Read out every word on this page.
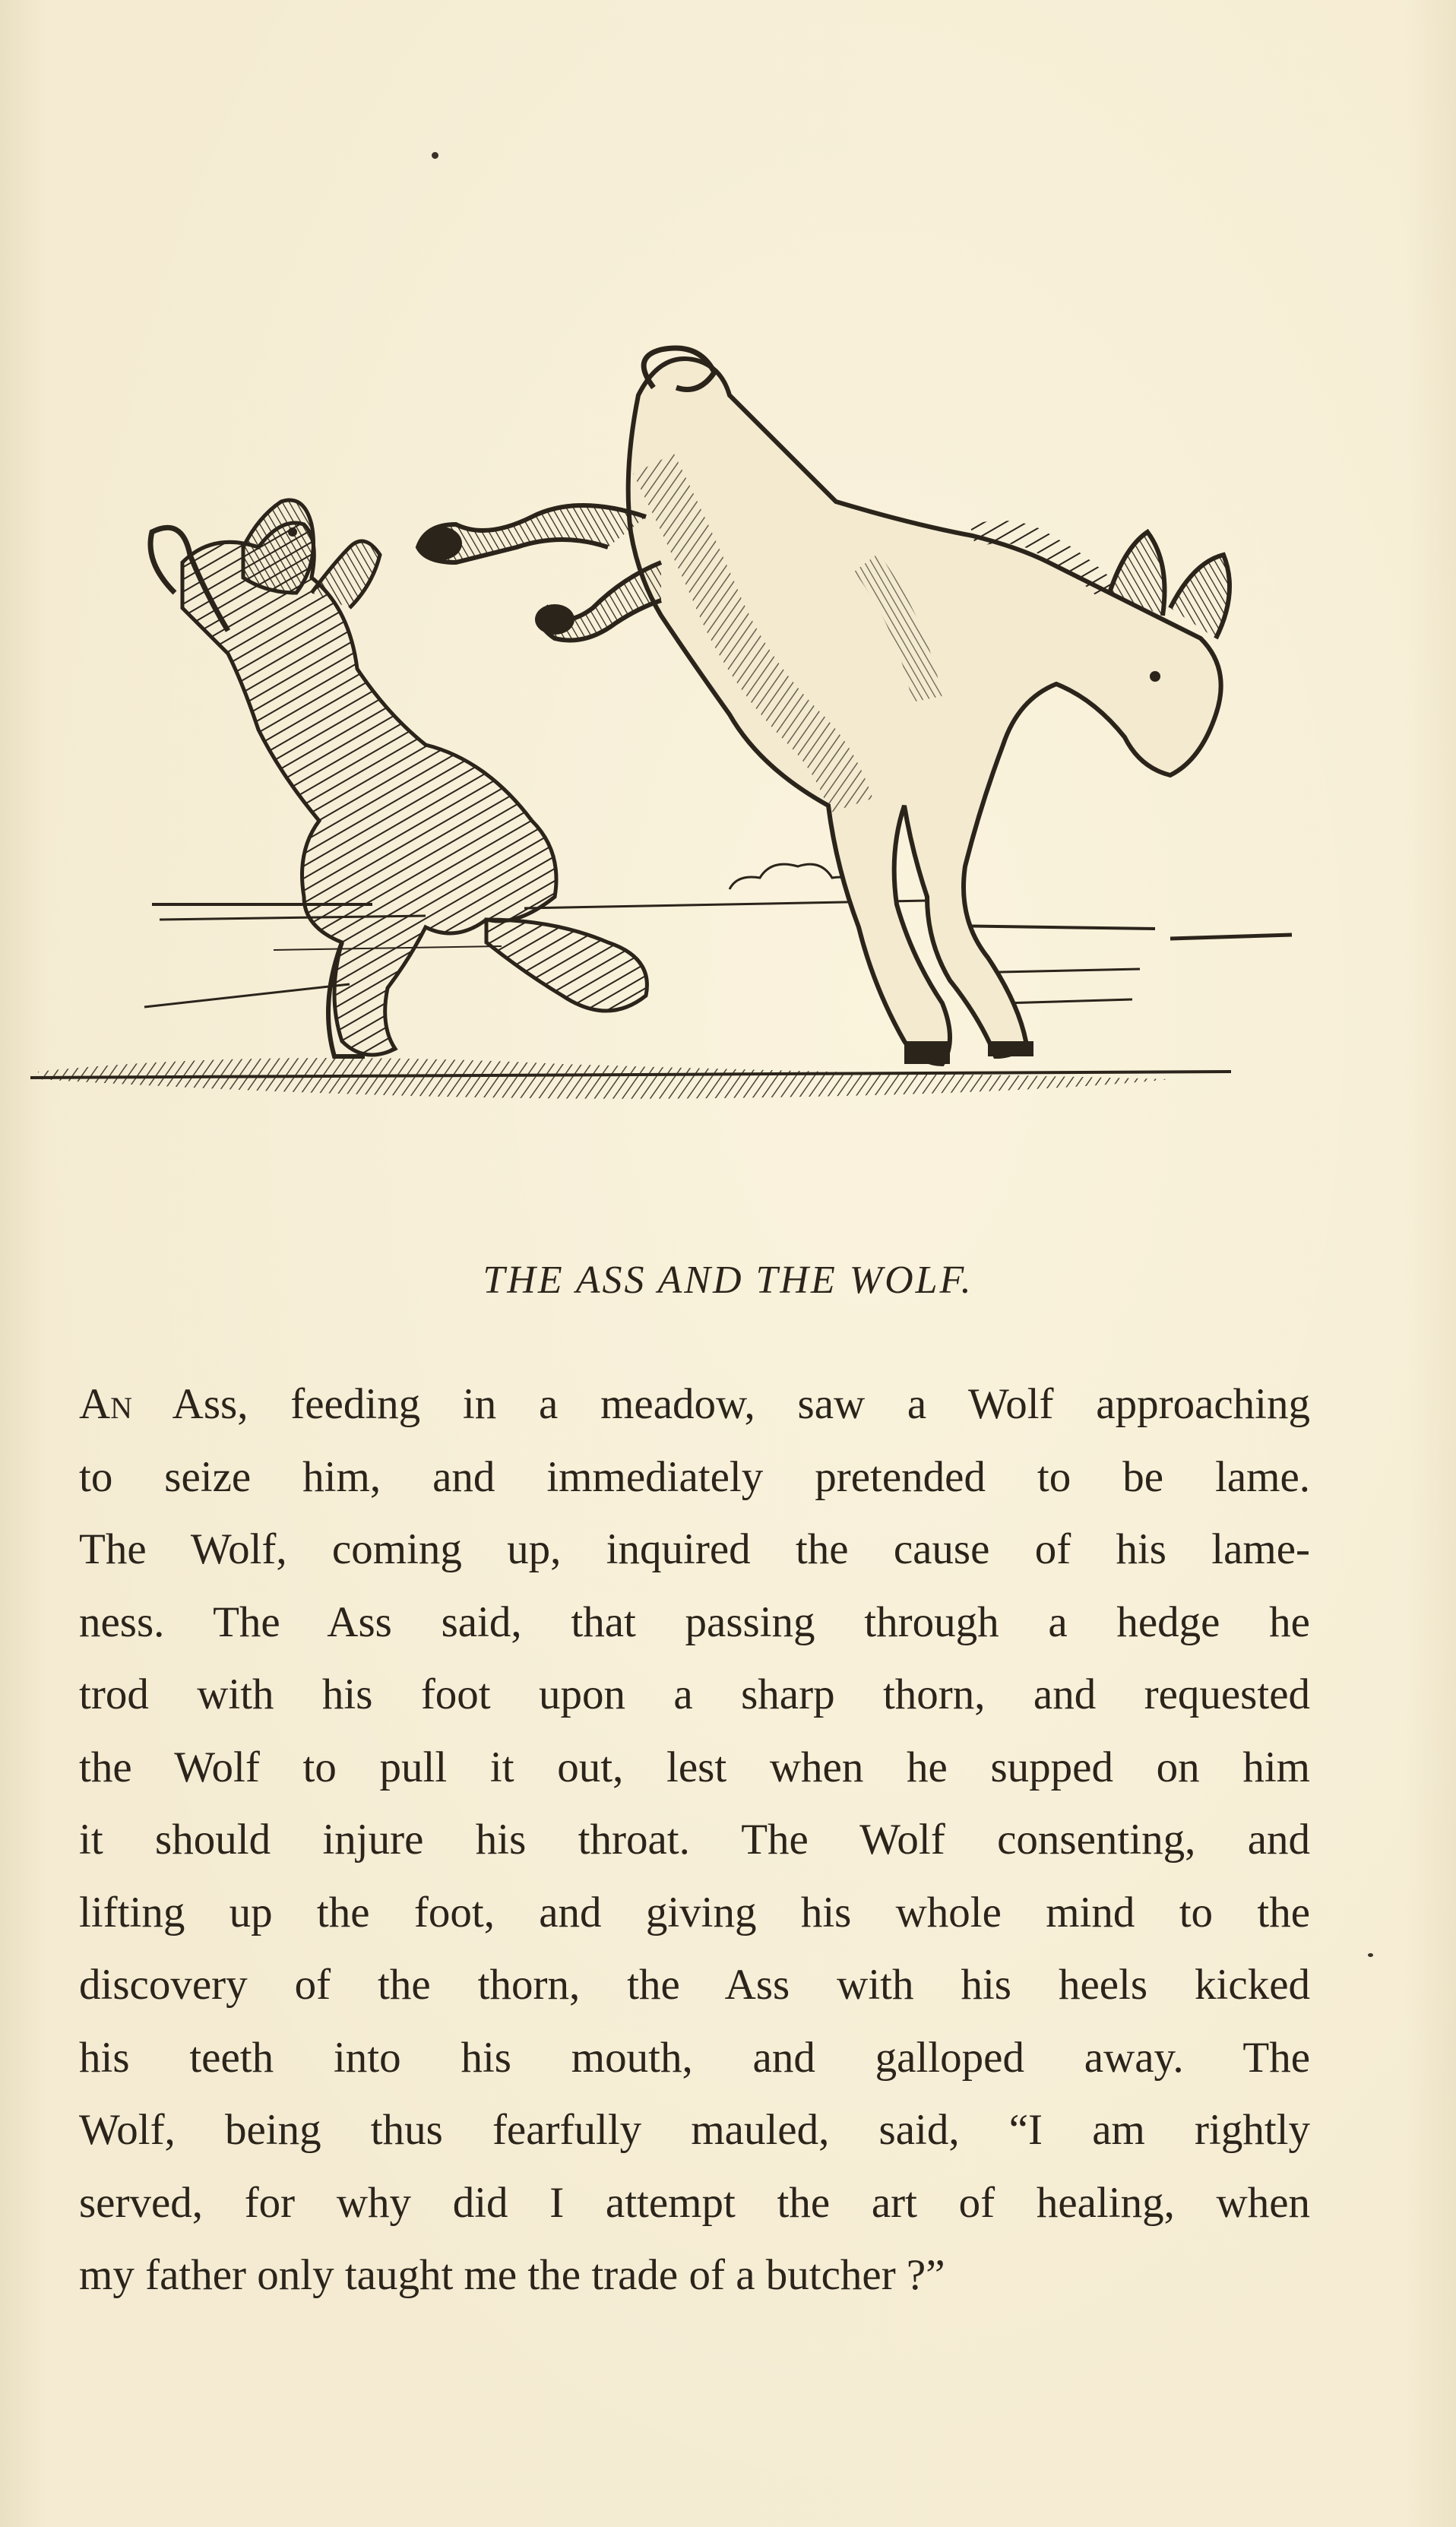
THE ASS AND THE WOLF.
An Ass, feeding in a meadow, saw a Wolf approaching
to seize him, and immediately pretended to be lame.
The Wolf, coming up, inquired the cause of his lame-
ness. The Ass said, that passing through a hedge he
trod with his foot upon a sharp thorn, and requested
the Wolf to pull it out, lest when he supped on him
it should injure his throat. The Wolf consenting, and
lifting up the foot, and giving his whole mind to the
discovery of the thorn, the Ass with his heels kicked
his teeth into his mouth, and galloped away. The
Wolf, being thus fearfully mauled, said, “I am rightly
served, for why did I attempt the art of healing, when
my father only taught me the trade of a butcher ?”
